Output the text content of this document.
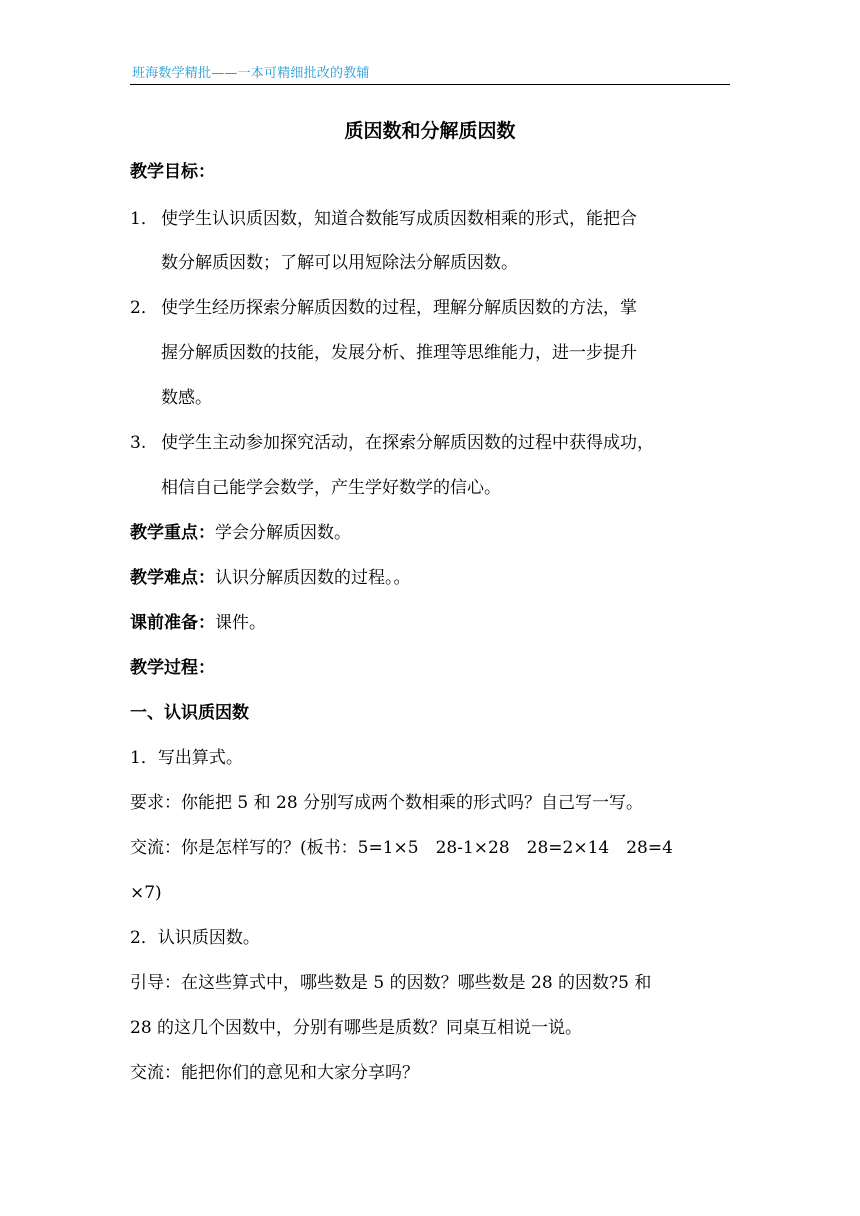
班海数学精批——一本可精细批改的教辅
质因数和分解质因数
教学目标：
1． 使学生认识质因数，知道合数能写成质因数相乘的形式，能把合
数分解质因数；了解可以用短除法分解质因数。
2． 使学生经历探索分解质因数的过程，理解分解质因数的方法，掌
握分解质因数的技能，发展分析、推理等思维能力，进一步提升
数感。
3. 使学生主动参加探究活动，在探索分解质因数的过程中获得成功，
相信自己能学会数学，产生学好数学的信心。
教学重点：学会分解质因数。
教学难点：认识分解质因数的过程。。
课前准备：课件。
教学过程：
一、认识质因数
1．写出算式。
要求：你能把 5 和 28 分别写成两个数相乘的形式吗？自己写一写。
交流：你是怎样写的？(板书：5=1×5　28-1×28　28=2×14　28=4
×7)
2．认识质因数。
引导：在这些算式中，哪些数是 5 的因数？哪些数是 28 的因数?5 和
28 的这几个因数中，分别有哪些是质数？同桌互相说一说。
交流：能把你们的意见和大家分享吗？
